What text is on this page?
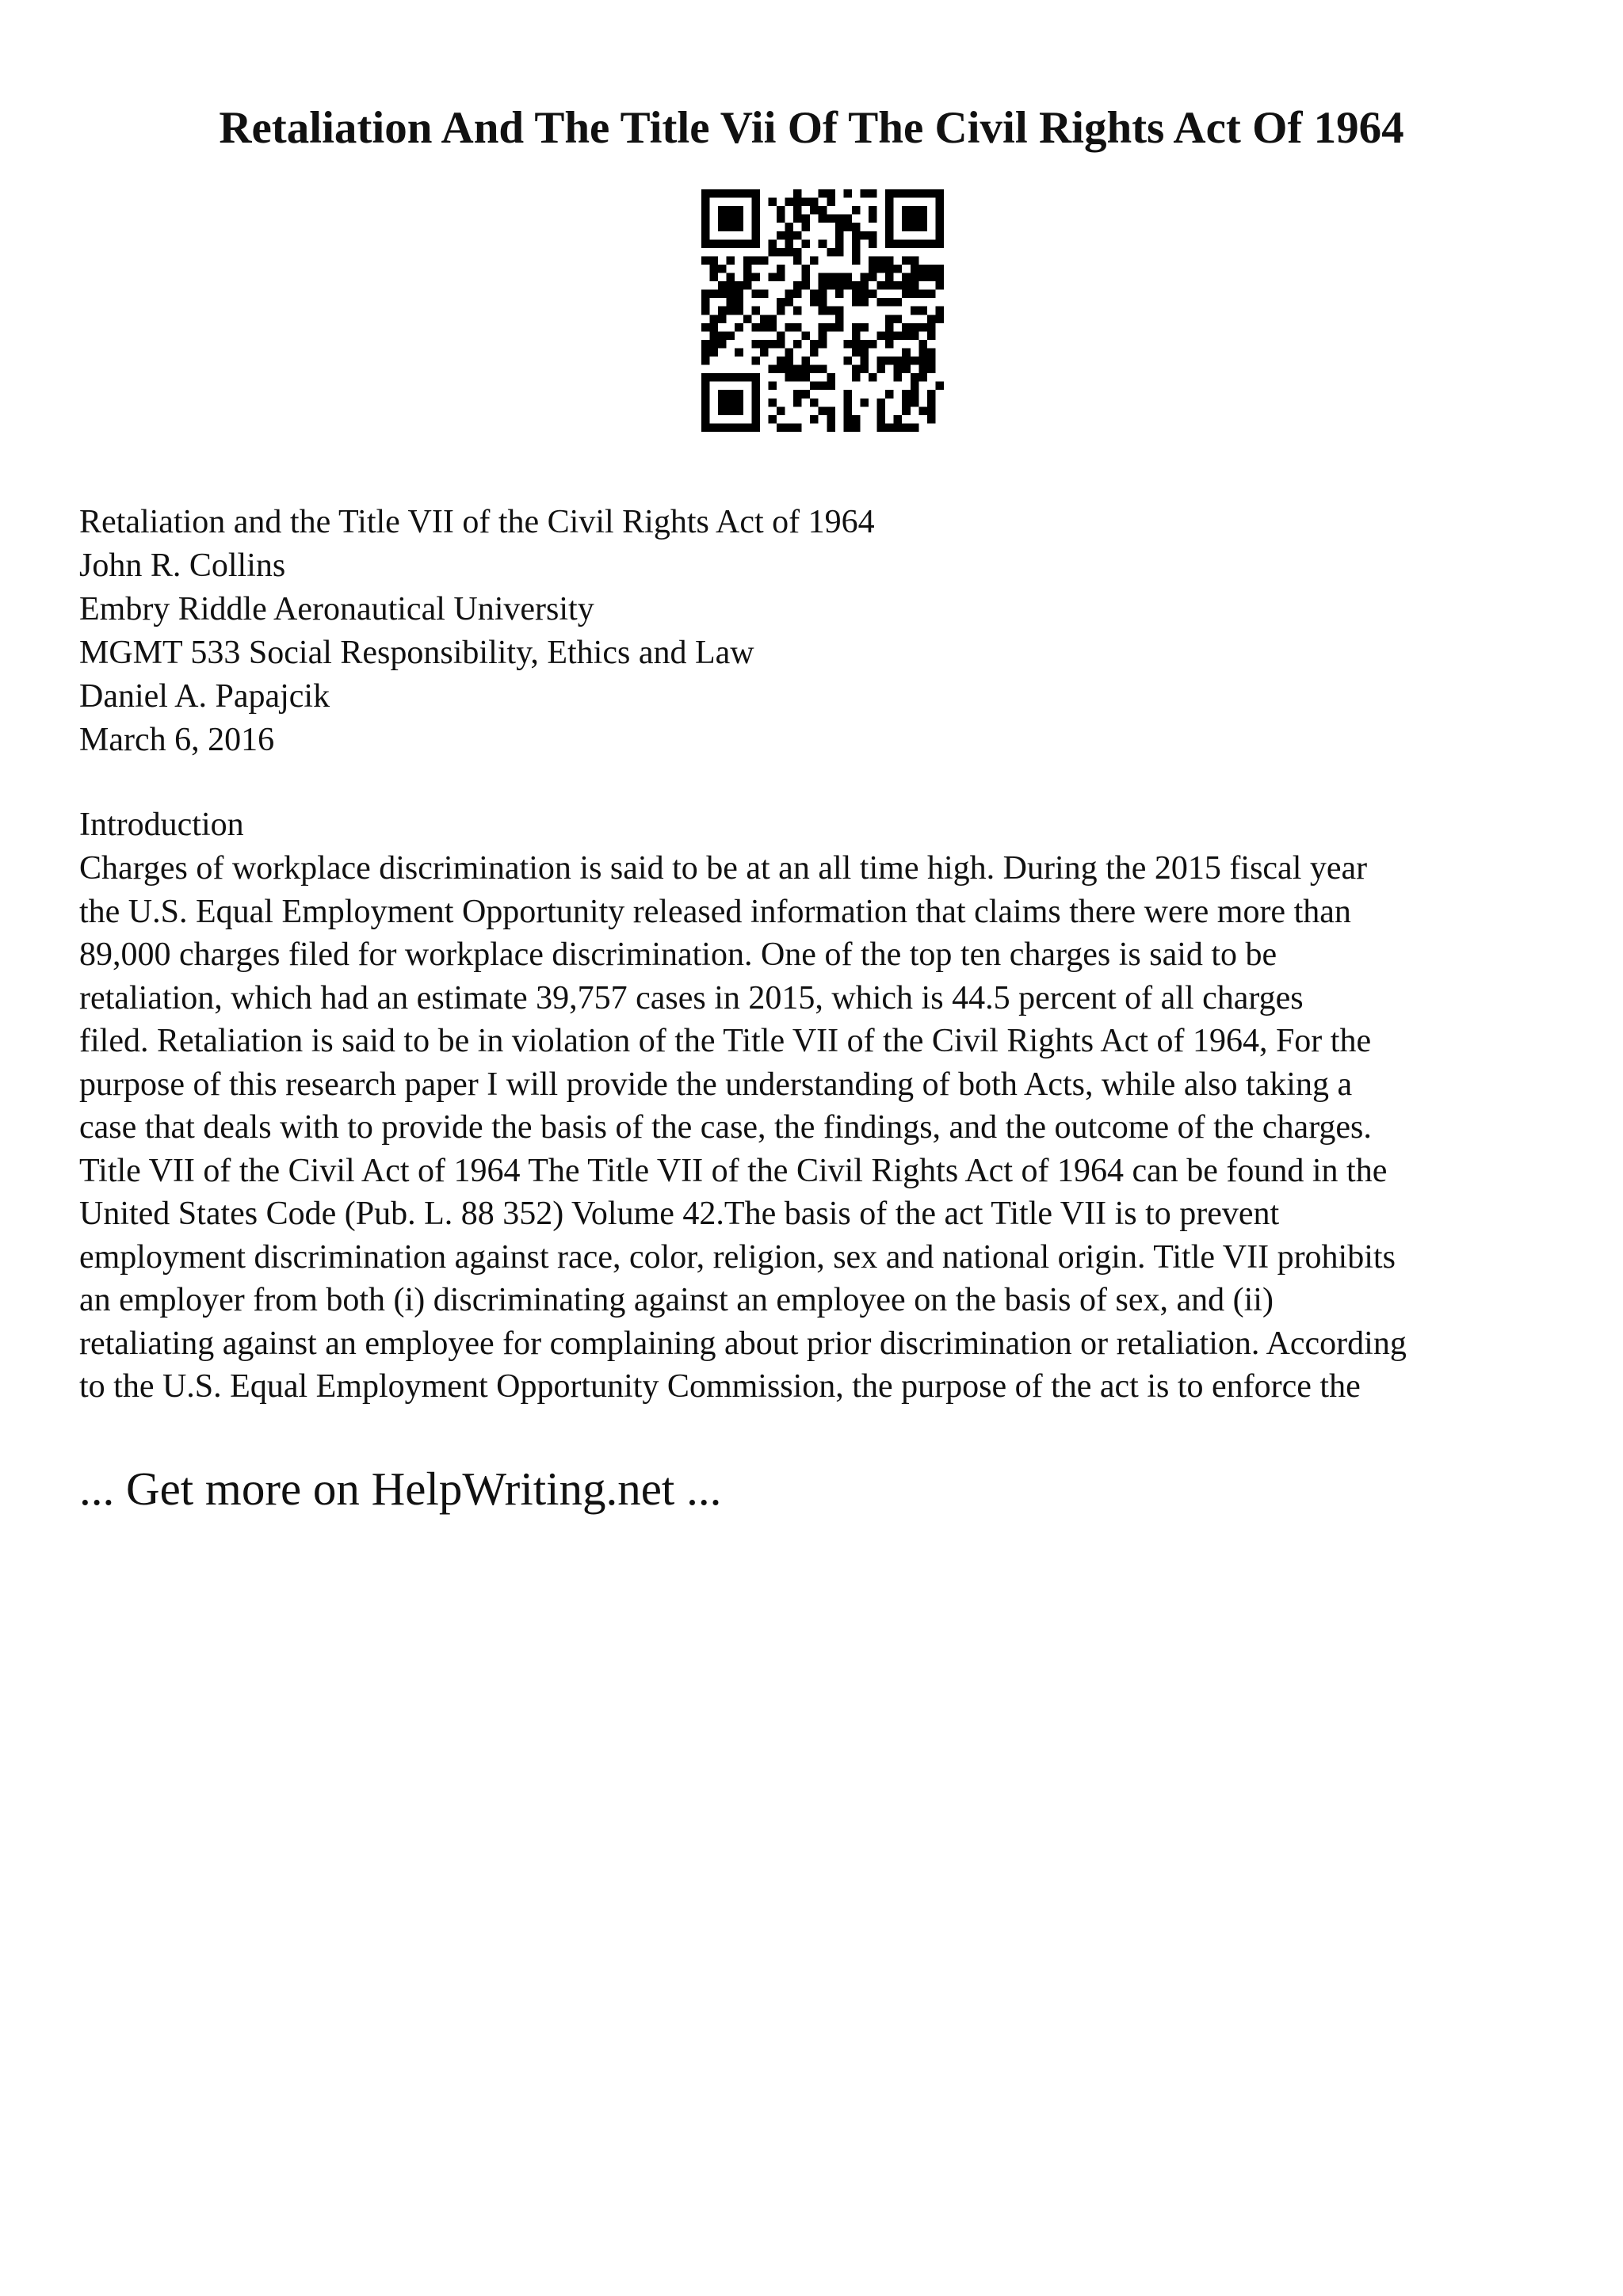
Retaliation And The Title Vii Of The Civil Rights Act Of 1964
Retaliation and the Title VII of the Civil Rights Act of 1964
John R. Collins
Embry Riddle Aeronautical University
MGMT 533 Social Responsibility, Ethics and Law
Daniel A. Papajcik
March 6, 2016
Introduction
Charges of workplace discrimination is said to be at an all time high. During the 2015 fiscal year
the U.S. Equal Employment Opportunity released information that claims there were more than
89,000 charges filed for workplace discrimination. One of the top ten charges is said to be
retaliation, which had an estimate 39,757 cases in 2015, which is 44.5 percent of all charges
filed. Retaliation is said to be in violation of the Title VII of the Civil Rights Act of 1964, For the
purpose of this research paper I will provide the understanding of both Acts, while also taking a
case that deals with to provide the basis of the case, the findings, and the outcome of the charges.
Title VII of the Civil Act of 1964 The Title VII of the Civil Rights Act of 1964 can be found in the
United States Code (Pub. L. 88 352) Volume 42.The basis of the act Title VII is to prevent
employment discrimination against race, color, religion, sex and national origin. Title VII prohibits
an employer from both (i) discriminating against an employee on the basis of sex, and (ii)
retaliating against an employee for complaining about prior discrimination or retaliation. According
to the U.S. Equal Employment Opportunity Commission, the purpose of the act is to enforce the
... Get more on HelpWriting.net ...
